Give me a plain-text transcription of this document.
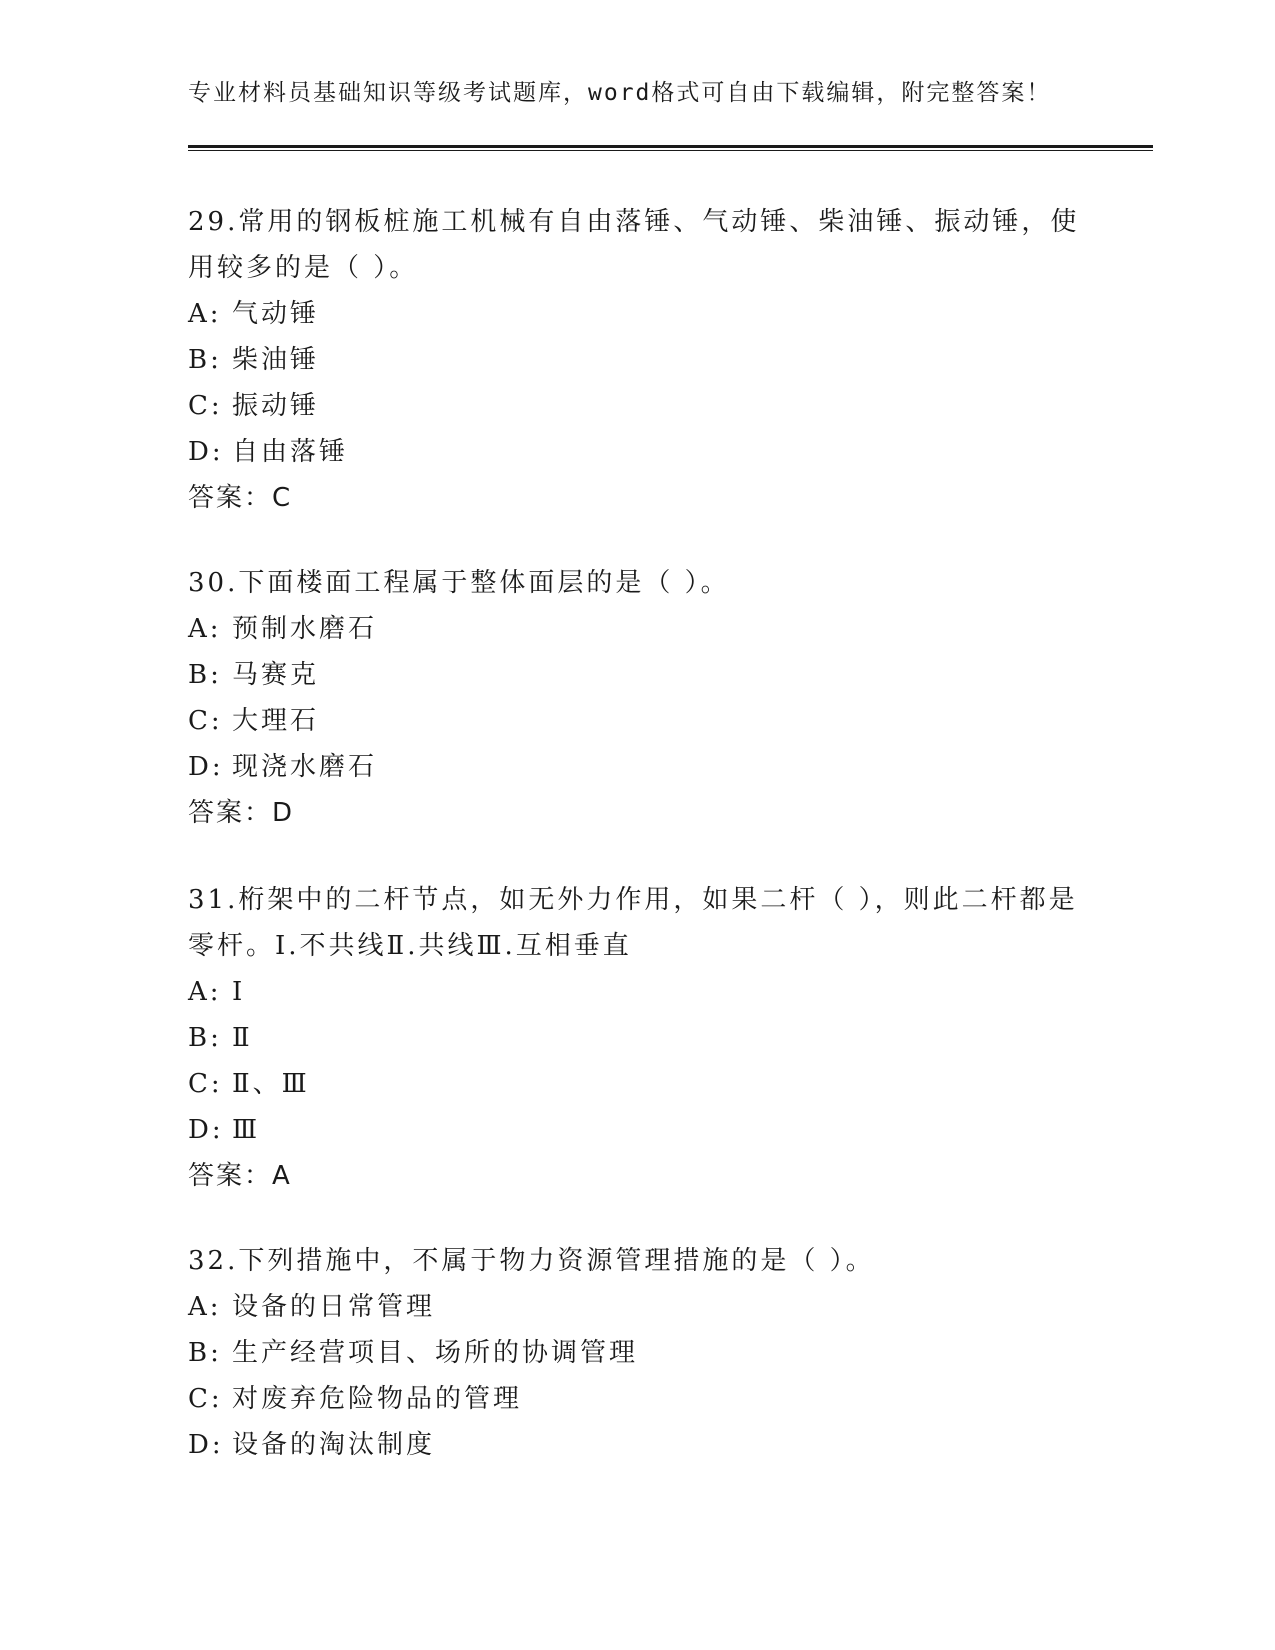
专业材料员基础知识等级考试题库，word格式可自由下载编辑，附完整答案！

29.常用的钢板桩施工机械有自由落锤、气动锤、柴油锤、振动锤，使用较多的是（ ）。

A: 气动锤
B: 柴油锤
C: 振动锤
D: 自由落锤
答案：C

30.下面楼面工程属于整体面层的是（ ）。

A: 预制水磨石
B: 马赛克
C: 大理石
D: 现浇水磨石
答案：D

31.桁架中的二杆节点，如无外力作用，如果二杆（ ），则此二杆都是零杆。I.不共线Ⅱ.共线Ⅲ.互相垂直

A: I
B: Ⅱ
C: Ⅱ、Ⅲ
D: Ⅲ
答案：A

32.下列措施中，不属于物力资源管理措施的是（ ）。

A: 设备的日常管理
B: 生产经营项目、场所的协调管理
C: 对废弃危险物品的管理
D: 设备的淘汰制度
